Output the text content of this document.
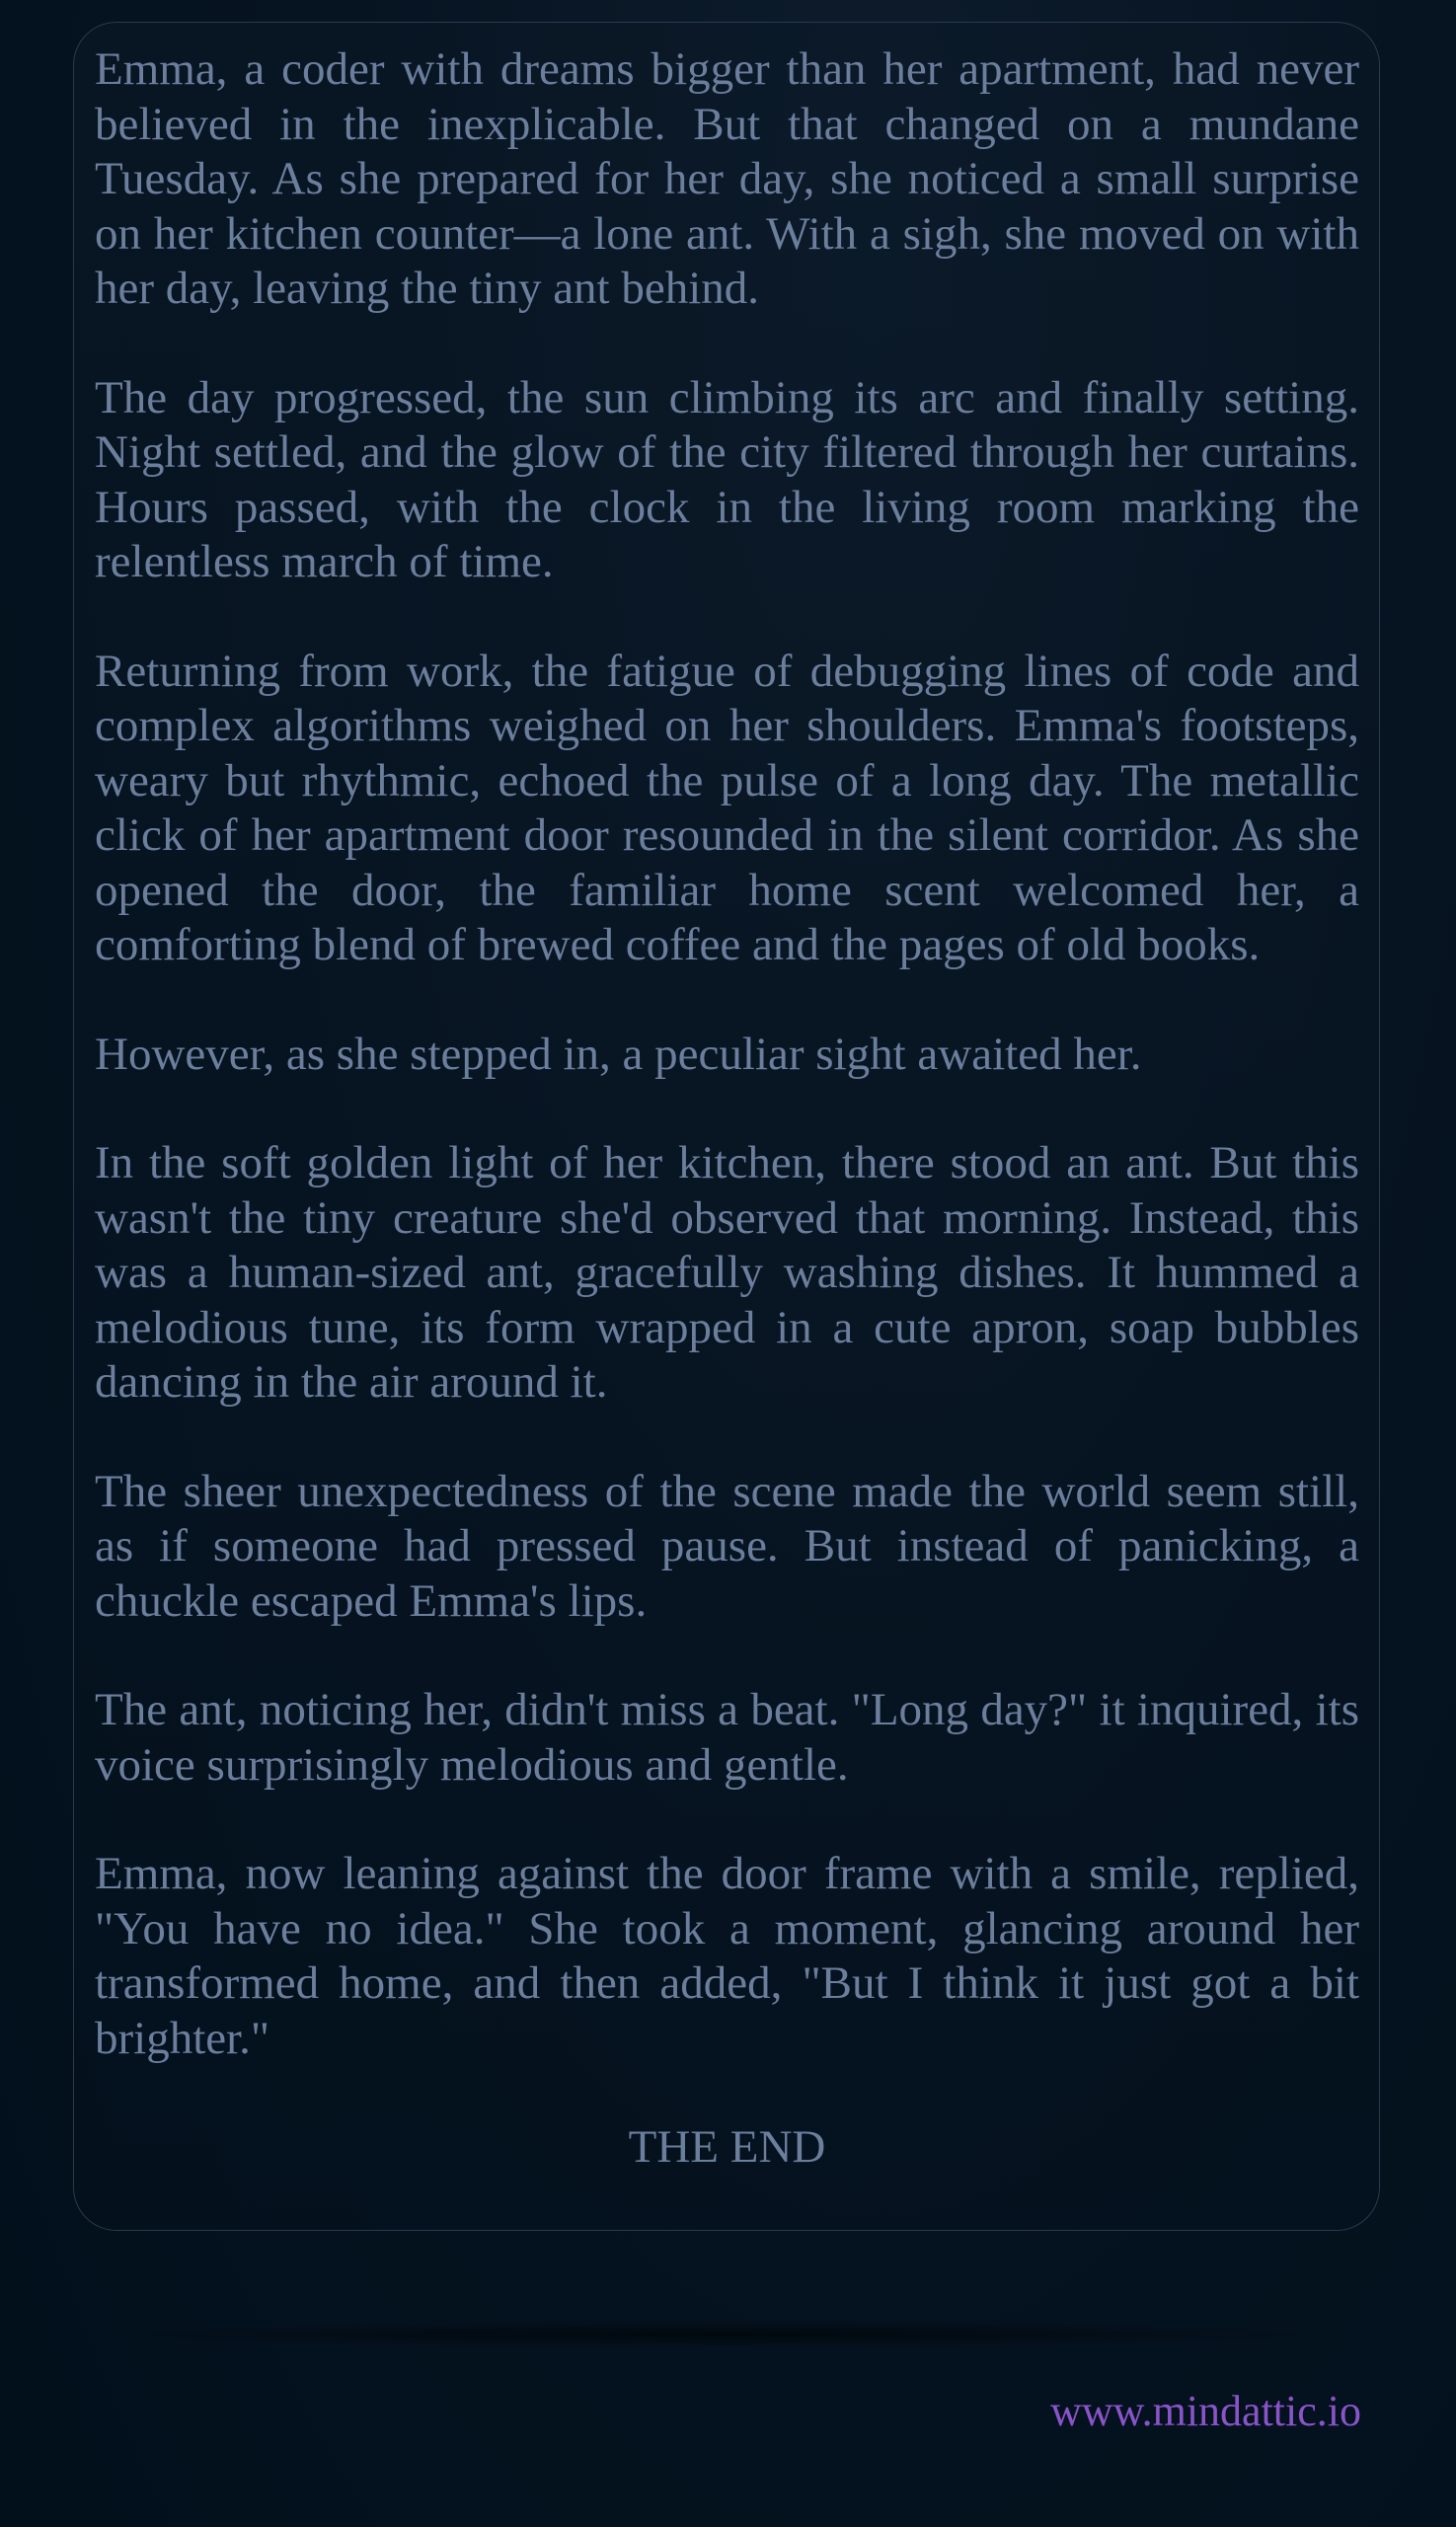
Emma, a coder with dreams bigger than her apartment, had never believed in the inexplicable. But that changed on a mundane Tuesday. As she prepared for her day, she noticed a small surprise on her kitchen counter—a lone ant. With a sigh, she moved on with her day, leaving the tiny ant behind.

The day progressed, the sun climbing its arc and finally setting. Night settled, and the glow of the city filtered through her curtains. Hours passed, with the clock in the living room marking the relentless march of time.

Returning from work, the fatigue of debugging lines of code and complex algorithms weighed on her shoulders. Emma's footsteps, weary but rhythmic, echoed the pulse of a long day. The metallic click of her apartment door resounded in the silent corridor. As she opened the door, the familiar home scent welcomed her, a comforting blend of brewed coffee and the pages of old books.

However, as she stepped in, a peculiar sight awaited her.

In the soft golden light of her kitchen, there stood an ant. But this wasn't the tiny creature she'd observed that morning. Instead, this was a human-sized ant, gracefully washing dishes. It hummed a melodious tune, its form wrapped in a cute apron, soap bubbles dancing in the air around it.

The sheer unexpectedness of the scene made the world seem still, as if someone had pressed pause. But instead of panicking, a chuckle escaped Emma's lips.

The ant, noticing her, didn't miss a beat. "Long day?" it inquired, its voice surprisingly melodious and gentle.

Emma, now leaning against the door frame with a smile, replied, "You have no idea." She took a moment, glancing around her transformed home, and then added, "But I think it just got a bit brighter."

THE END

www.mindattic.io
